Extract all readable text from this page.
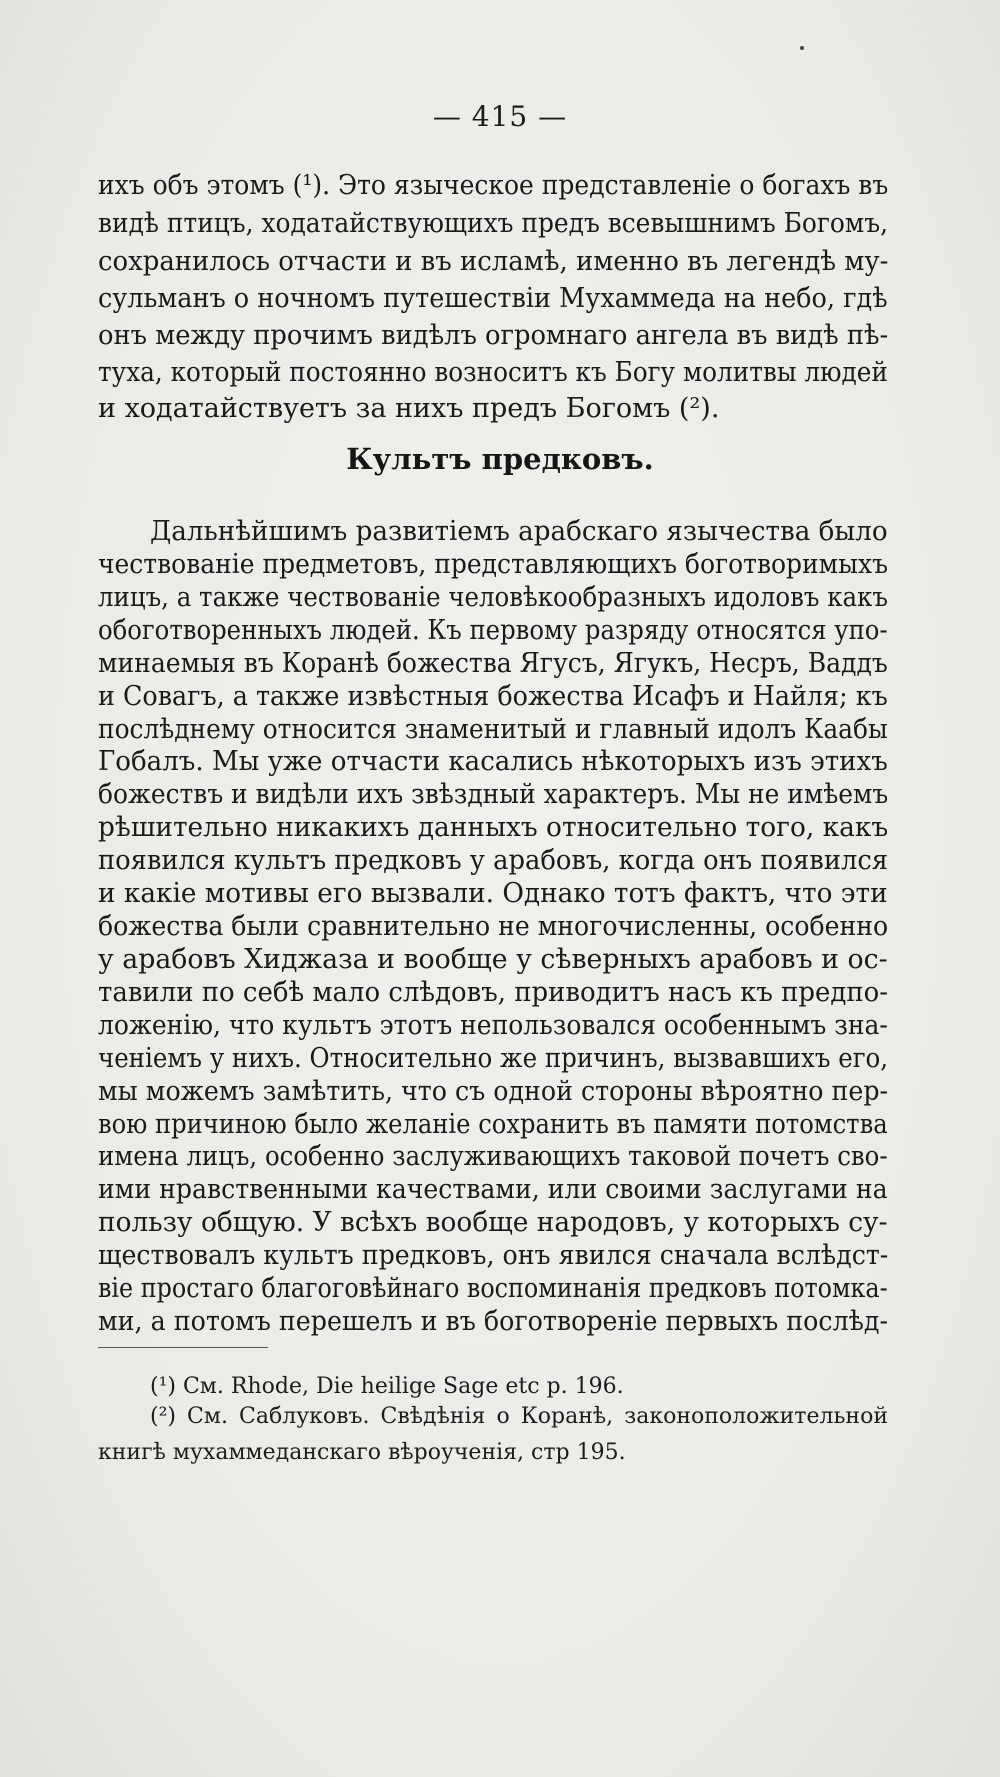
— 415 —
ихъ объ этомъ (¹). Это языческое представленіе о богахъ въ
видѣ птицъ, ходатайствующихъ предъ всевышнимъ Богомъ,
сохранилось отчасти и въ исламѣ, именно въ легендѣ му-
сульманъ о ночномъ путешествіи Мухаммеда на небо, гдѣ
онъ между прочимъ видѣлъ огромнаго ангела въ видѣ пѣ-
туха, который постоянно возноситъ къ Богу молитвы людей
и ходатайствуетъ за нихъ предъ Богомъ (²).
Культъ предковъ.
Дальнѣйшимъ развитіемъ арабскаго язычества было
чествованіе предметовъ, представляющихъ боготворимыхъ
лицъ, а также чествованіе человѣкообразныхъ идоловъ какъ
обоготворенныхъ людей. Къ первому разряду относятся упо-
минаемыя въ Коранѣ божества Ягусъ, Ягукъ, Несръ, Ваддъ
и Совагъ, а также извѣстныя божества Исафъ и Найля; къ
послѣднему относится знаменитый и главный идолъ Каабы
Гобалъ. Мы уже отчасти касались нѣкоторыхъ изъ этихъ
божествъ и видѣли ихъ звѣздный характеръ. Мы не имѣемъ
рѣшительно никакихъ данныхъ относительно того, какъ
появился культъ предковъ у арабовъ, когда онъ появился
и какіе мотивы его вызвали. Однако тотъ фактъ, что эти
божества были сравнительно не многочисленны, особенно
у арабовъ Хиджаза и вообще у сѣверныхъ арабовъ и ос-
тавили по себѣ мало слѣдовъ, приводитъ насъ къ предпо-
ложенію, что культъ этотъ непользовался особеннымъ зна-
ченіемъ у нихъ. Относительно же причинъ, вызвавшихъ его,
мы можемъ замѣтить, что съ одной стороны вѣроятно пер-
вою причиною было желаніе сохранить въ памяти потомства
имена лицъ, особенно заслуживающихъ таковой почетъ сво-
ими нравственными качествами, или своими заслугами на
пользу общую. У всѣхъ вообще народовъ, у которыхъ су-
ществовалъ культъ предковъ, онъ явился сначала вслѣдст-
віе простаго благоговѣйнаго воспоминанія предковъ потомка-
ми, а потомъ перешелъ и въ боготвореніе первыхъ послѣд-
(¹) См. Rhode, Die heilige Sage etc p. 196.
(²) См. Саблуковъ. Свѣдѣнія о Коранѣ, законоположительной
книгѣ мухаммеданскаго вѣроученія, стр 195.
